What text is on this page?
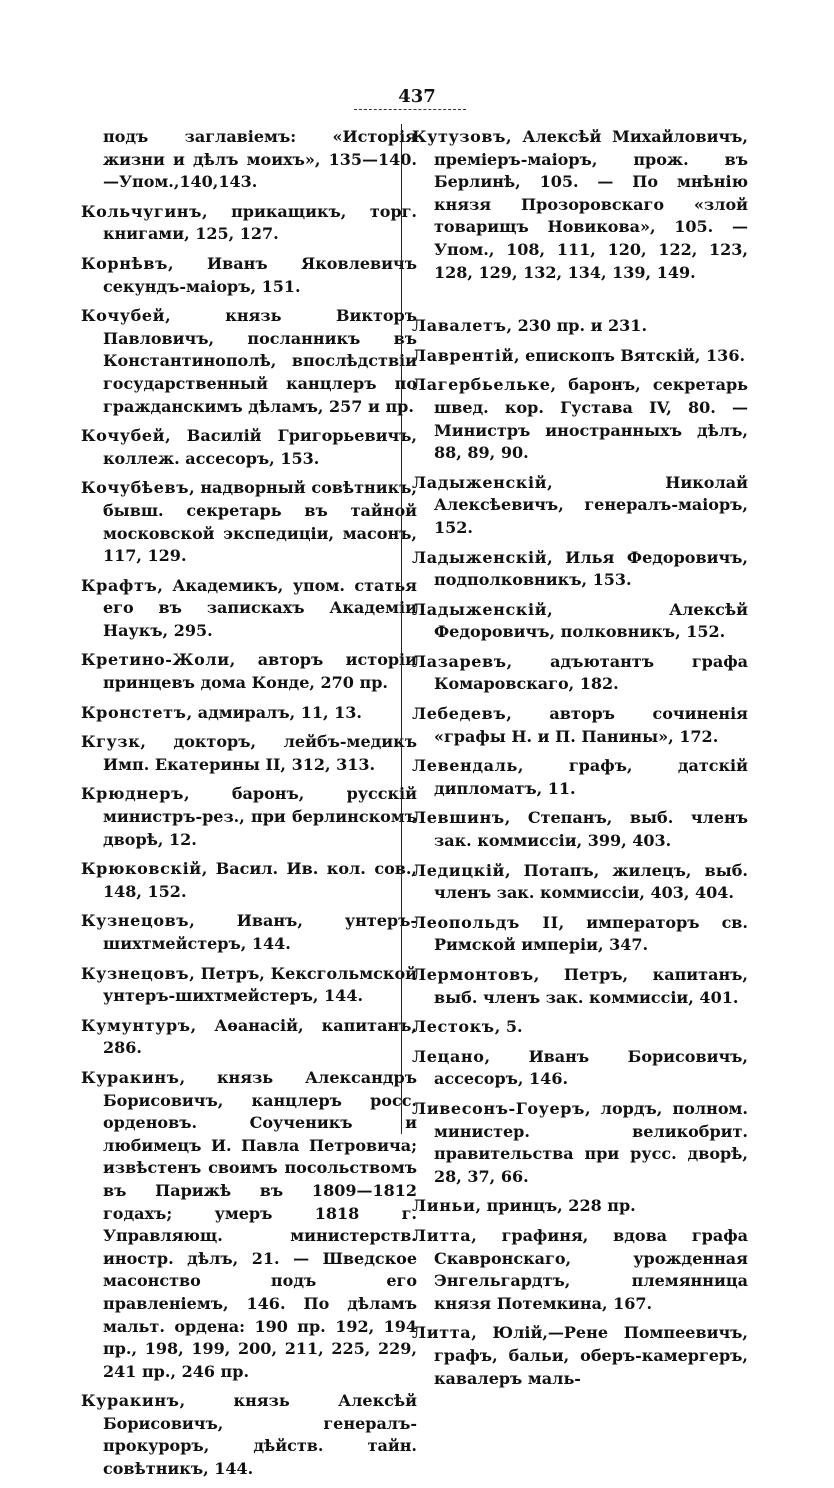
437
подъ заглавіемъ: «Исторія жизни и дѣлъ моихъ», 135—140.—Упом.,140,143.
Кольчугинъ, прикащикъ, торг. книгами, 125, 127.
Корнѣвъ, Иванъ Яковлевичъ секундъ-маіоръ, 151.
Кочубей, князь Викторъ Павловичъ, посланникъ въ Константинополѣ, впослѣдствіи государственный канцлеръ по гражданскимъ дѣламъ, 257 и пр.
Кочубей, Василій Григорьевичъ, коллеж. ассесоръ, 153.
Кочубѣевъ, надворный совѣтникъ, бывш. секретарь въ тайной московской экспедиціи, масонъ, 117, 129.
Крафтъ, Академикъ, упом. статья его въ запискахъ Академіи Наукъ, 295.
Кретино-Жоли, авторъ исторіи принцевъ дома Конде, 270 пр.
Кронстетъ, адмиралъ, 11, 13.
Кгузк, докторъ, лейбъ-медикъ Имп. Екатерины II, 312, 313.
Крюднеръ, баронъ, русскій министръ-рез., при берлинскомъ дворѣ, 12.
Крюковскій, Васил. Ив. кол. сов., 148, 152.
Кузнецовъ, Иванъ, унтеръ-шихтмейстеръ, 144.
Кузнецовъ, Петръ, Кексгольмской унтеръ-шихтмейстеръ, 144.
Кумунтуръ, Аѳанасій, капитанъ, 286.
Куракинъ, князь Александръ Борисовичъ, канцлеръ росс. орденовъ. Соученикъ и любимецъ И. Павла Петровича; извѣстенъ своимъ посольствомъ въ Парижѣ въ 1809—1812 годахъ; умеръ 1818 г. Управляющ. министерств. иностр. дѣлъ, 21. — Шведское масонство подъ его правленіемъ, 146. По дѣламъ мальт. ордена: 190 пр. 192, 194 пр., 198, 199, 200, 211, 225, 229, 241 пр., 246 пр.
Куракинъ, князь Алексѣй Борисовичъ, генералъ-прокуроръ, дѣйств. тайн. совѣтникъ, 144.
Кутузовъ, Алексѣй Михайловичъ, преміеръ-маіоръ, прож. въ Берлинѣ, 105. — По мнѣнію князя Прозоровскаго «злой товарищъ Новикова», 105. — Упом., 108, 111, 120, 122, 123, 128, 129, 132, 134, 139, 149.
Лавалетъ, 230 пр. и 231.
Лаврентій, епископъ Вятскій, 136.
Лагербьельке, баронъ, секретарь швед. кор. Густава IV, 80. — Министръ иностранныхъ дѣлъ, 88, 89, 90.
Ладыженскій, Николай Алексѣевичъ, генералъ-маіоръ, 152.
Ладыженскій, Илья Федоровичъ, подполковникъ, 153.
Ладыженскій, Алексѣй Федоровичъ, полковникъ, 152.
Лазаревъ, адъютантъ графа Комаровскаго, 182.
Лебедевъ, авторъ сочиненія «графы Н. и П. Панины», 172.
Левендаль, графъ, датскій дипломатъ, 11.
Левшинъ, Степанъ, выб. членъ зак. коммиссіи, 399, 403.
Ледицкій, Потапъ, жилецъ, выб. членъ зак. коммиссіи, 403, 404.
Леопольдъ II, императоръ св. Римской имперіи, 347.
Лермонтовъ, Петръ, капитанъ, выб. членъ зак. коммиссіи, 401.
Лестокъ, 5.
Лецано, Иванъ Борисовичъ, ассесоръ, 146.
Ливесонъ-Гоуеръ, лордъ, полном. министер. великобрит. правительства при русс. дворѣ, 28, 37, 66.
Линьи, принцъ, 228 пр.
Литта, графиня, вдова графа Скавронскаго, урожденная Энгельгардтъ, племянница князя Потемкина, 167.
Литта, Юлій,—Рене Помпеевичъ, графъ, бальи, оберъ-камергеръ, кавалеръ маль-
